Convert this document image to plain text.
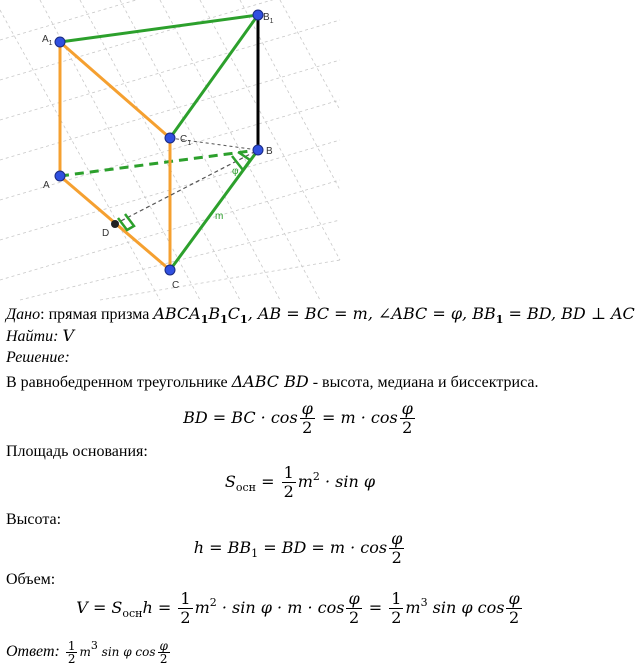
$A_1$
$B_1$
$C_1$
A
B
C
D
φ
m
Дано: прямая призма $ABCA_1B_1C_1$, AB = BC = m, ∠ABC = φ, $BB_1$ = BD, BD ⊥ AC
Найти: V
Решение:
В равнобедренном треугольнике ΔABC BD - высота, медиана и биссектриса.
BD = BC · $\cos \frac{\varphi}{2} = m \cdot \cos \frac{\varphi}{2}$
Площадь основания:
$S_{осн} = \frac{1}{2} m^2 \cdot \sin \varphi$
Высота:
$h = BB_1$ = BD = $m \cdot \cos \frac{\varphi}{2}$
Объем:
$V = S_{осн}h = \frac{1}{2} m^2 \cdot \sin \varphi \cdot m \cdot \cos \frac{\varphi}{2} = \frac{1}{2} m^3$ sin φ $\cos \frac{\varphi}{2}$
Ответ: $\frac{1}{2} m3$ sin φ $\cos \frac{\varphi}{2}$
